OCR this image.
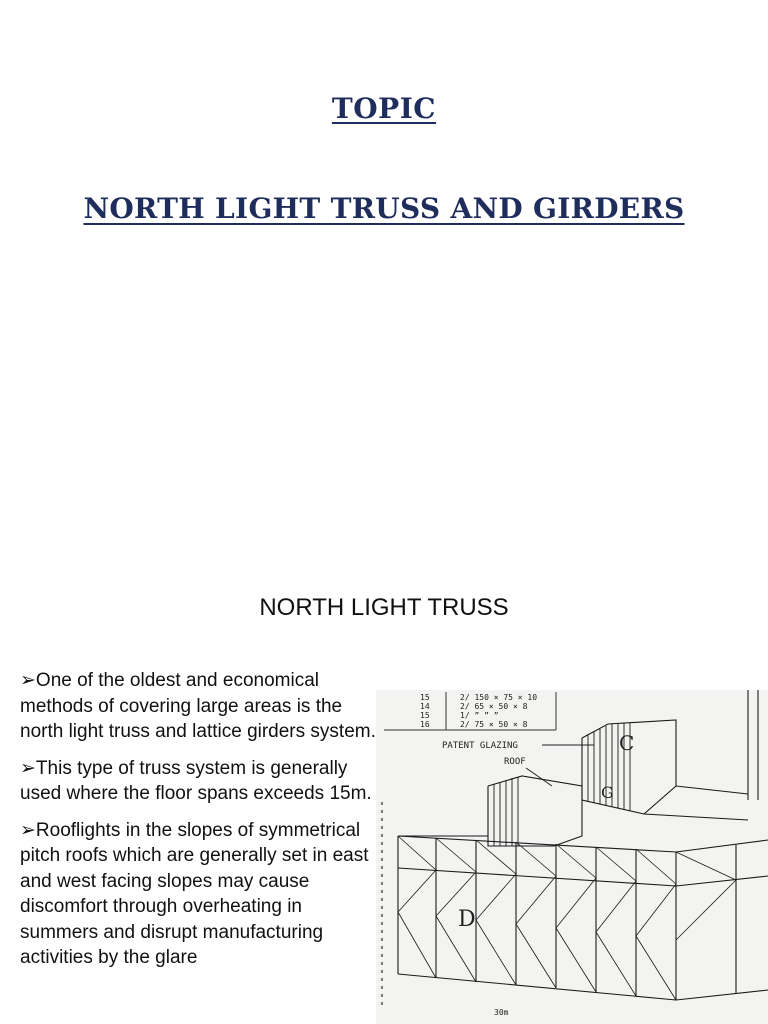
TOPIC
NORTH LIGHT TRUSS AND GIRDERS
NORTH LIGHT TRUSS
➢One of the oldest and economical methods of covering large areas is the north light truss and lattice girders system.
➢This type of truss system is generally used where the floor spans exceeds 15m.
➢Rooflights in the slopes of symmetrical pitch roofs which are generally set in east and west facing slopes may cause discomfort through overheating in summers and disrupt manufacturing activities by the glare
15	2/ 150 × 75 × 10
14	2/ 65 × 50 × 8
15	1/ ” ” ”
16	2/ 75 × 50 × 8
PATENT GLAZING
ROOF
30m
C
G
D
